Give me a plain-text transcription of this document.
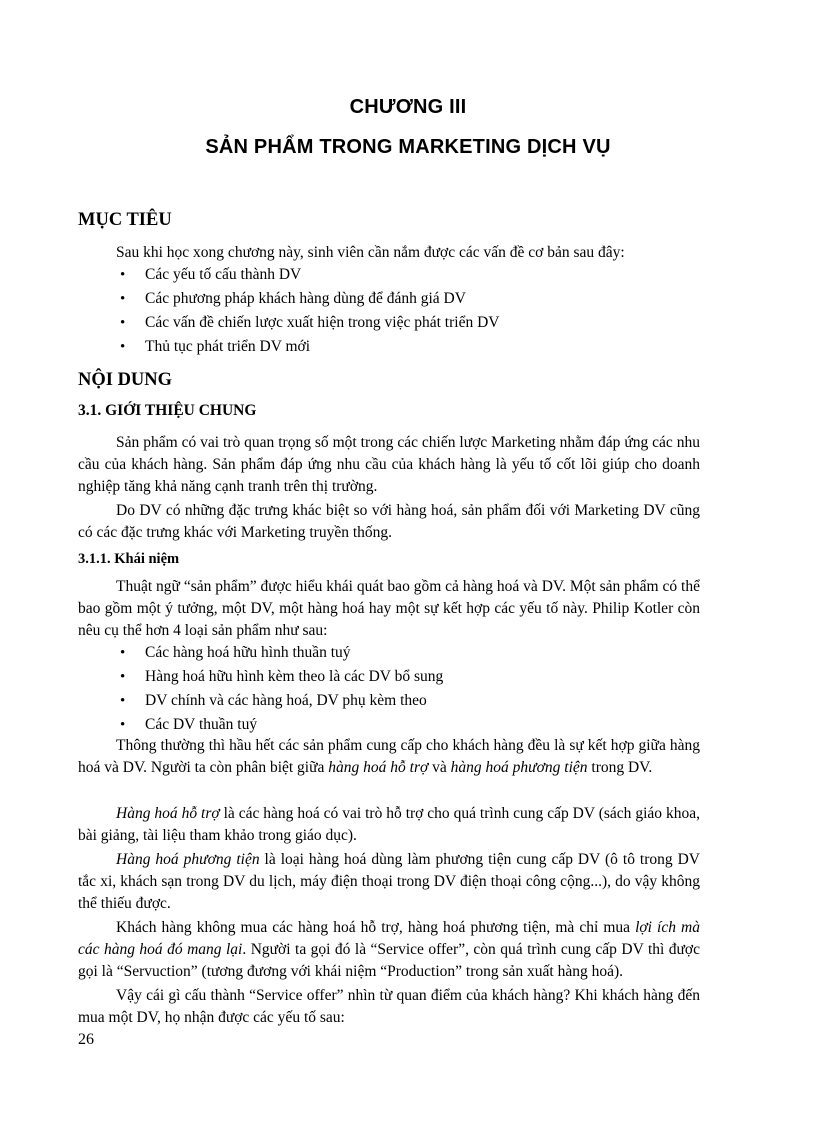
CHƯƠNG III
SẢN PHẨM TRONG MARKETING DỊCH VỤ
MỤC TIÊU
Sau khi học xong chương này, sinh viên cần nắm được các vấn đề cơ bản sau đây:
• Các yếu tố cấu thành DV
• Các phương pháp khách hàng dùng để đánh giá DV
• Các vấn đề chiến lược xuất hiện trong việc phát triển DV
• Thủ tục phát triển DV mới
NỘI DUNG
3.1. GIỚI THIỆU CHUNG

Sản phẩm có vai trò quan trọng số một trong các chiến lược Marketing nhằm đáp ứng các nhu cầu của khách hàng. Sản phẩm đáp ứng nhu cầu của khách hàng là yếu tố cốt lõi giúp cho doanh nghiệp tăng khả năng cạnh tranh trên thị trường.

Do DV có những đặc trưng khác biệt so với hàng hoá, sản phẩm đối với Marketing DV cũng có các đặc trưng khác với Marketing truyền thống.

3.1.1. Khái niệm

Thuật ngữ “sản phẩm” được hiểu khái quát bao gồm cả hàng hoá và DV. Một sản phẩm có thể bao gồm một ý tưởng, một DV, một hàng hoá hay một sự kết hợp các yếu tố này. Philip Kotler còn nêu cụ thể hơn 4 loại sản phẩm như sau:

• Các hàng hoá hữu hình thuần tuý
• Hàng hoá hữu hình kèm theo là các DV bổ sung
• DV chính và các hàng hoá, DV phụ kèm theo
• Các DV thuần tuý

Thông thường thì hầu hết các sản phẩm cung cấp cho khách hàng đều là sự kết hợp giữa hàng hoá và DV. Người ta còn phân biệt giữa hàng hoá hỗ trợ và hàng hoá phương tiện trong DV.

Hàng hoá hỗ trợ là các hàng hoá có vai trò hỗ trợ cho quá trình cung cấp DV (sách giáo khoa, bài giảng, tài liệu tham khảo trong giáo dục).

Hàng hoá phương tiện là loại hàng hoá dùng làm phương tiện cung cấp DV (ô tô trong DV tắc xi, khách sạn trong DV du lịch, máy điện thoại trong DV điện thoại công cộng...), do vậy không thể thiếu được.

Khách hàng không mua các hàng hoá hỗ trợ, hàng hoá phương tiện, mà chỉ mua lợi ích mà các hàng hoá đó mang lại. Người ta gọi đó là “Service offer”, còn quá trình cung cấp DV thì được gọi là “Servuction” (tương đương với khái niệm “Production” trong sản xuất hàng hoá).

Vậy cái gì cấu thành “Service offer” nhìn từ quan điểm của khách hàng? Khi khách hàng đến mua một DV, họ nhận được các yếu tố sau:

26
